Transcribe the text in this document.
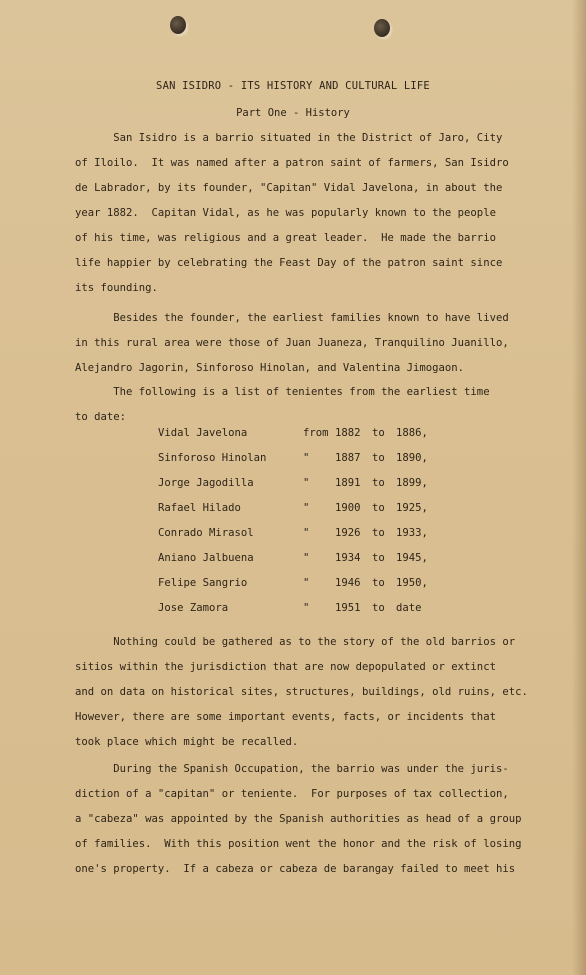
SAN ISIDRO - ITS HISTORY AND CULTURAL LIFE
Part One - History
San Isidro is a barrio situated in the District of Jaro, City
of Iloilo.  It was named after a patron saint of farmers, San Isidro
de Labrador, by its founder, "Capitan" Vidal Javelona, in about the
year 1882.  Capitan Vidal, as he was popularly known to the people
of his time, was religious and a great leader.  He made the barrio
life happier by celebrating the Feast Day of the patron saint since
its founding.
Besides the founder, the earliest families known to have lived
in this rural area were those of Juan Juaneza, Tranquilino Juanillo,
Alejandro Jagorin, Sinforoso Hinolan, and Valentina Jimogaon.
The following is a list of tenientes from the earliest time
to date:
Vidal Javelona	from 1882 to 1886,
Sinforoso Hinolan	" 1887 to 1890,
Jorge Jagodilla	" 1891 to 1899,
Rafael Hilado	" 1900 to 1925,
Conrado Mirasol	" 1926 to 1933,
Aniano Jalbuena	" 1934 to 1945,
Felipe Sangrio	" 1946 to 1950,
Jose Zamora	" 1951 to date
Nothing could be gathered as to the story of the old barrios or
sitios within the jurisdiction that are now depopulated or extinct
and on data on historical sites, structures, buildings, old ruins, etc.
However, there are some important events, facts, or incidents that
took place which might be recalled.
During the Spanish Occupation, the barrio was under the juris-
diction of a "capitan" or teniente.  For purposes of tax collection,
a "cabeza" was appointed by the Spanish authorities as head of a group
of families.  With this position went the honor and the risk of losing
one's property.  If a cabeza or cabeza de barangay failed to meet his
